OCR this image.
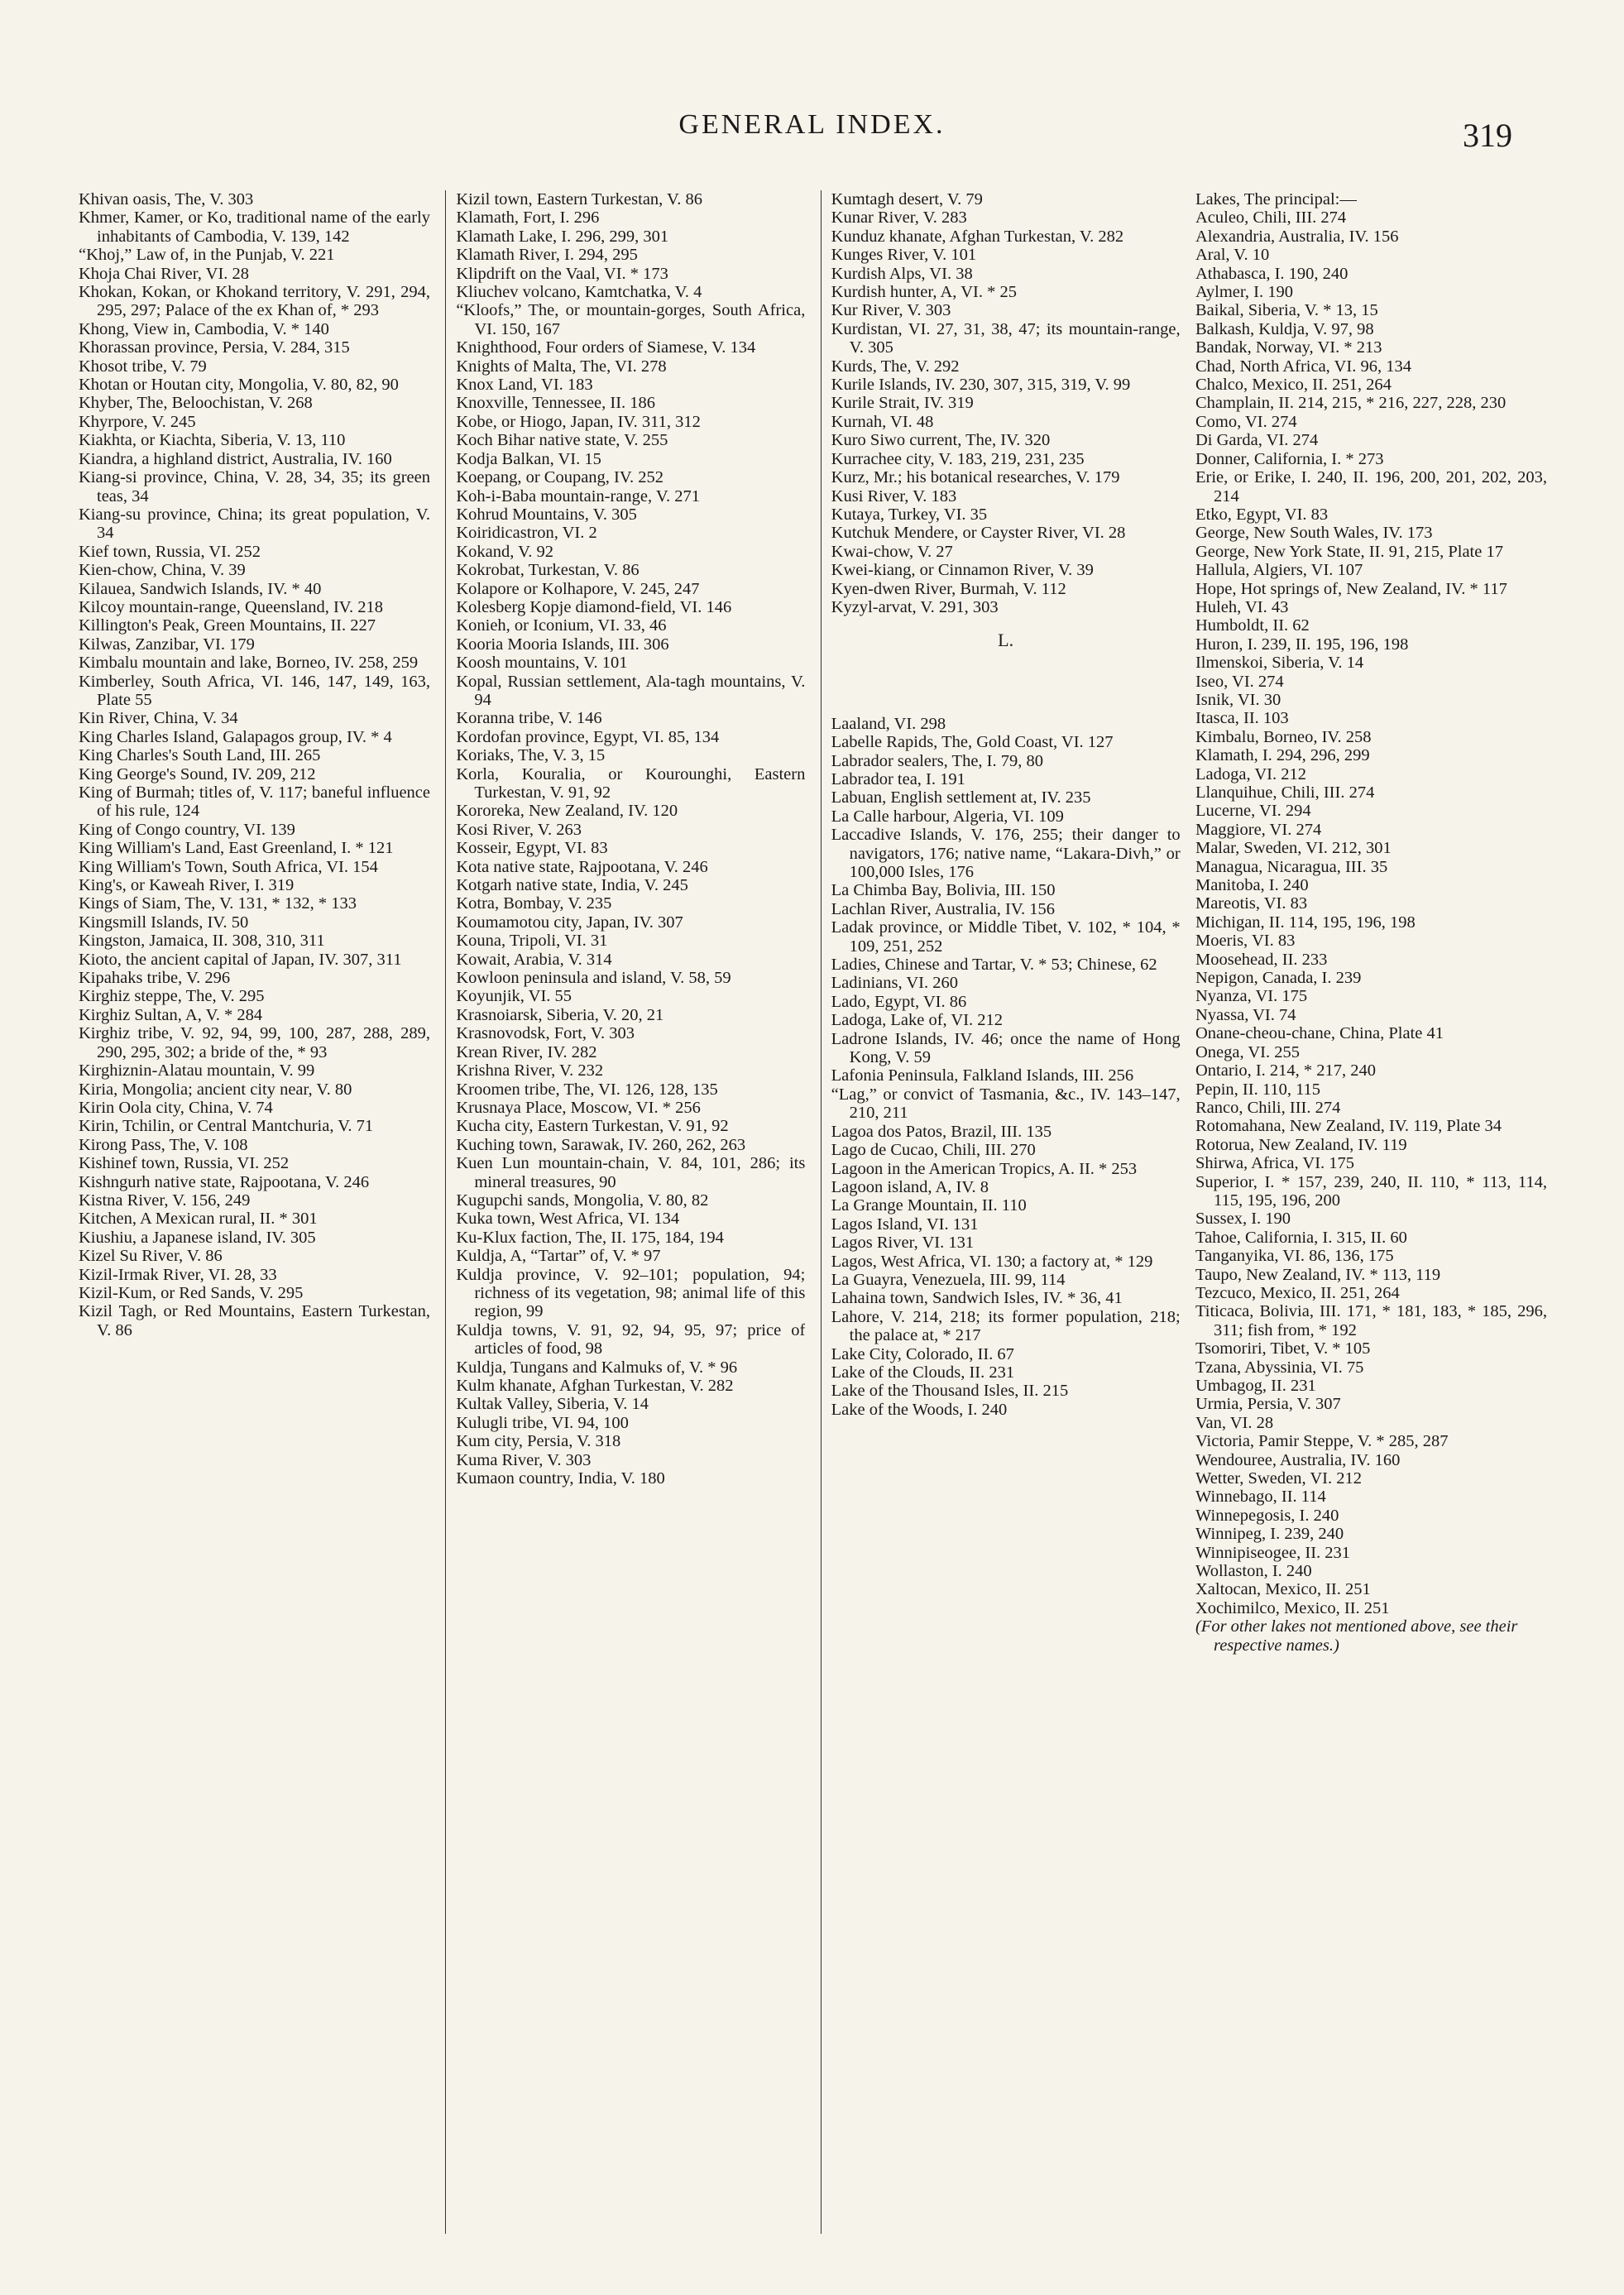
GENERAL INDEX.	319
Khivan oasis, The, V. 303
Khmer, Kamer, or Ko, traditional name of the early inhabitants of Cambodia, V. 139, 142
“Khoj,” Law of, in the Punjab, V. 221
Khoja Chai River, VI. 28
Khokan, Kokan, or Khokand territory, V. 291, 294, 295, 297; Palace of the ex Khan of, * 293
Khong, View in, Cambodia, V. * 140
Khorassan province, Persia, V. 284, 315
Khosot tribe, V. 79
Khotan or Houtan city, Mongolia, V. 80, 82, 90
Khyber, The, Beloochistan, V. 268
Khyrpore, V. 245
Kiakhta, or Kiachta, Siberia, V. 13, 110
Kiandra, a highland district, Australia, IV. 160
Kiang-si province, China, V. 28, 34, 35; its green teas, 34
Kiang-su province, China; its great population, V. 34
Kief town, Russia, VI. 252
Kien-chow, China, V. 39
Kilauea, Sandwich Islands, IV. * 40
Kilcoy mountain-range, Queensland, IV. 218
Killington's Peak, Green Mountains, II. 227
Kilwas, Zanzibar, VI. 179
Kimbalu mountain and lake, Borneo, IV. 258, 259
Kimberley, South Africa, VI. 146, 147, 149, 163, Plate 55
Kin River, China, V. 34
King Charles Island, Galapagos group, IV. * 4
King Charles's South Land, III. 265
King George's Sound, IV. 209, 212
King of Burmah; titles of, V. 117; baneful influence of his rule, 124
King of Congo country, VI. 139
King William's Land, East Greenland, I. * 121
King William's Town, South Africa, VI. 154
King's, or Kaweah River, I. 319
Kings of Siam, The, V. 131, * 132, * 133
Kingsmill Islands, IV. 50
Kingston, Jamaica, II. 308, 310, 311
Kioto, the ancient capital of Japan, IV. 307, 311
Kipahaks tribe, V. 296
Kirghiz steppe, The, V. 295
Kirghiz Sultan, A, V. * 284
Kirghiz tribe, V. 92, 94, 99, 100, 287, 288, 289, 290, 295, 302; a bride of the, * 93
Kirghiznin-Alatau mountain, V. 99
Kiria, Mongolia; ancient city near, V. 80
Kirin Oola city, China, V. 74
Kirin, Tchilin, or Central Mantchuria, V. 71
Kirong Pass, The, V. 108
Kishinef town, Russia, VI. 252
Kishngurh native state, Rajpootana, V. 246
Kistna River, V. 156, 249
Kitchen, A Mexican rural, II. * 301
Kiushiu, a Japanese island, IV. 305
Kizel Su River, V. 86
Kizil-Irmak River, VI. 28, 33
Kizil-Kum, or Red Sands, V. 295
Kizil Tagh, or Red Mountains, Eastern Turkestan, V. 86
Kizil town, Eastern Turkestan, V. 86
Klamath, Fort, I. 296
Klamath Lake, I. 296, 299, 301
Klamath River, I. 294, 295
Klipdrift on the Vaal, VI. * 173
Kliuchev volcano, Kamtchatka, V. 4
“Kloofs,” The, or mountain-gorges, South Africa, VI. 150, 167
Knighthood, Four orders of Siamese, V. 134
Knights of Malta, The, VI. 278
Knox Land, VI. 183
Knoxville, Tennessee, II. 186
Kobe, or Hiogo, Japan, IV. 311, 312
Koch Bihar native state, V. 255
Kodja Balkan, VI. 15
Koepang, or Coupang, IV. 252
Koh-i-Baba mountain-range, V. 271
Kohrud Mountains, V. 305
Koiridicastron, VI. 2
Kokand, V. 92
Kokrobat, Turkestan, V. 86
Kolapore or Kolhapore, V. 245, 247
Kolesberg Kopje diamond-field, VI. 146
Konieh, or Iconium, VI. 33, 46
Kooria Mooria Islands, III. 306
Koosh mountains, V. 101
Kopal, Russian settlement, Ala-tagh mountains, V. 94
Koranna tribe, V. 146
Kordofan province, Egypt, VI. 85, 134
Koriaks, The, V. 3, 15
Korla, Kouralia, or Kourounghi, Eastern Turkestan, V. 91, 92
Kororeka, New Zealand, IV. 120
Kosi River, V. 263
Kosseir, Egypt, VI. 83
Kota native state, Rajpootana, V. 246
Kotgarh native state, India, V. 245
Kotra, Bombay, V. 235
Koumamotou city, Japan, IV. 307
Kouna, Tripoli, VI. 31
Kowait, Arabia, V. 314
Kowloon peninsula and island, V. 58, 59
Koyunjik, VI. 55
Krasnoiarsk, Siberia, V. 20, 21
Krasnovodsk, Fort, V. 303
Krean River, IV. 282
Krishna River, V. 232
Kroomen tribe, The, VI. 126, 128, 135
Krusnaya Place, Moscow, VI. * 256
Kucha city, Eastern Turkestan, V. 91, 92
Kuching town, Sarawak, IV. 260, 262, 263
Kuen Lun mountain-chain, V. 84, 101, 286; its mineral treasures, 90
Kugupchi sands, Mongolia, V. 80, 82
Kuka town, West Africa, VI. 134
Ku-Klux faction, The, II. 175, 184, 194
Kuldja, A, “Tartar” of, V. * 97
Kuldja province, V. 92–101; population, 94; richness of its vegetation, 98; animal life of this region, 99
Kuldja towns, V. 91, 92, 94, 95, 97; price of articles of food, 98
Kuldja, Tungans and Kalmuks of, V. * 96
Kulm khanate, Afghan Turkestan, V. 282
Kultak Valley, Siberia, V. 14
Kulugli tribe, VI. 94, 100
Kum city, Persia, V. 318
Kuma River, V. 303
Kumaon country, India, V. 180
Kumtagh desert, V. 79
Kunar River, V. 283
Kunduz khanate, Afghan Turkestan, V. 282
Kunges River, V. 101
Kurdish Alps, VI. 38
Kurdish hunter, A, VI. * 25
Kur River, V. 303
Kurdistan, VI. 27, 31, 38, 47; its mountain-range, V. 305
Kurds, The, V. 292
Kurile Islands, IV. 230, 307, 315, 319, V. 99
Kurile Strait, IV. 319
Kurnah, VI. 48
Kuro Siwo current, The, IV. 320
Kurrachee city, V. 183, 219, 231, 235
Kurz, Mr.; his botanical researches, V. 179
Kusi River, V. 183
Kutaya, Turkey, VI. 35
Kutchuk Mendere, or Cayster River, VI. 28
Kwai-chow, V. 27
Kwei-kiang, or Cinnamon River, V. 39
Kyen-dwen River, Burmah, V. 112
Kyzyl-arvat, V. 291, 303
L.
Laaland, VI. 298
Labelle Rapids, The, Gold Coast, VI. 127
Labrador sealers, The, I. 79, 80
Labrador tea, I. 191
Labuan, English settlement at, IV. 235
La Calle harbour, Algeria, VI. 109
Laccadive Islands, V. 176, 255; their danger to navigators, 176; native name, “Lakara-Divh,” or 100,000 Isles, 176
La Chimba Bay, Bolivia, III. 150
Lachlan River, Australia, IV. 156
Ladak province, or Middle Tibet, V. 102, * 104, * 109, 251, 252
Ladies, Chinese and Tartar, V. * 53; Chinese, 62
Ladinians, VI. 260
Lado, Egypt, VI. 86
Ladoga, Lake of, VI. 212
Ladrone Islands, IV. 46; once the name of Hong Kong, V. 59
Lafonia Peninsula, Falkland Islands, III. 256
“Lag,” or convict of Tasmania, &c., IV. 143–147, 210, 211
Lagoa dos Patos, Brazil, III. 135
Lago de Cucao, Chili, III. 270
Lagoon in the American Tropics, A. II. * 253
Lagoon island, A, IV. 8
La Grange Mountain, II. 110
Lagos Island, VI. 131
Lagos River, VI. 131
Lagos, West Africa, VI. 130; a factory at, * 129
La Guayra, Venezuela, III. 99, 114
Lahaina town, Sandwich Isles, IV. * 36, 41
Lahore, V. 214, 218; its former population, 218; the palace at, * 217
Lake City, Colorado, II. 67
Lake of the Clouds, II. 231
Lake of the Thousand Isles, II. 215
Lake of the Woods, I. 240
Lakes, The principal:—
Aculeo, Chili, III. 274
Alexandria, Australia, IV. 156
Aral, V. 10
Athabasca, I. 190, 240
Aylmer, I. 190
Baikal, Siberia, V. * 13, 15
Balkash, Kuldja, V. 97, 98
Bandak, Norway, VI. * 213
Chad, North Africa, VI. 96, 134
Chalco, Mexico, II. 251, 264
Champlain, II. 214, 215, * 216, 227, 228, 230
Como, VI. 274
Di Garda, VI. 274
Donner, California, I. * 273
Erie, or Erike, I. 240, II. 196, 200, 201, 202, 203, 214
Etko, Egypt, VI. 83
George, New South Wales, IV. 173
George, New York State, II. 91, 215, Plate 17
Hallula, Algiers, VI. 107
Hope, Hot springs of, New Zealand, IV. * 117
Huleh, VI. 43
Humboldt, II. 62
Huron, I. 239, II. 195, 196, 198
Ilmenskoi, Siberia, V. 14
Iseo, VI. 274
Isnik, VI. 30
Itasca, II. 103
Kimbalu, Borneo, IV. 258
Klamath, I. 294, 296, 299
Ladoga, VI. 212
Llanquihue, Chili, III. 274
Lucerne, VI. 294
Maggiore, VI. 274
Malar, Sweden, VI. 212, 301
Managua, Nicaragua, III. 35
Manitoba, I. 240
Mareotis, VI. 83
Michigan, II. 114, 195, 196, 198
Moeris, VI. 83
Moosehead, II. 233
Nepigon, Canada, I. 239
Nyanza, VI. 175
Nyassa, VI. 74
Onane-cheou-chane, China, Plate 41
Onega, VI. 255
Ontario, I. 214, * 217, 240
Pepin, II. 110, 115
Ranco, Chili, III. 274
Rotomahana, New Zealand, IV. 119, Plate 34
Rotorua, New Zealand, IV. 119
Shirwa, Africa, VI. 175
Superior, I. * 157, 239, 240, II. 110, * 113, 114, 115, 195, 196, 200
Sussex, I. 190
Tahoe, California, I. 315, II. 60
Tanganyika, VI. 86, 136, 175
Taupo, New Zealand, IV. * 113, 119
Tezcuco, Mexico, II. 251, 264
Titicaca, Bolivia, III. 171, * 181, 183, * 185, 296, 311; fish from, * 192
Tsomoriri, Tibet, V. * 105
Tzana, Abyssinia, VI. 75
Umbagog, II. 231
Urmia, Persia, V. 307
Van, VI. 28
Victoria, Pamir Steppe, V. * 285, 287
Wendouree, Australia, IV. 160
Wetter, Sweden, VI. 212
Winnebago, II. 114
Winnepegosis, I. 240
Winnipeg, I. 239, 240
Winnipiseogee, II. 231
Wollaston, I. 240
Xaltocan, Mexico, II. 251
Xochimilco, Mexico, II. 251
(For other lakes not mentioned above, see their respective names.)
